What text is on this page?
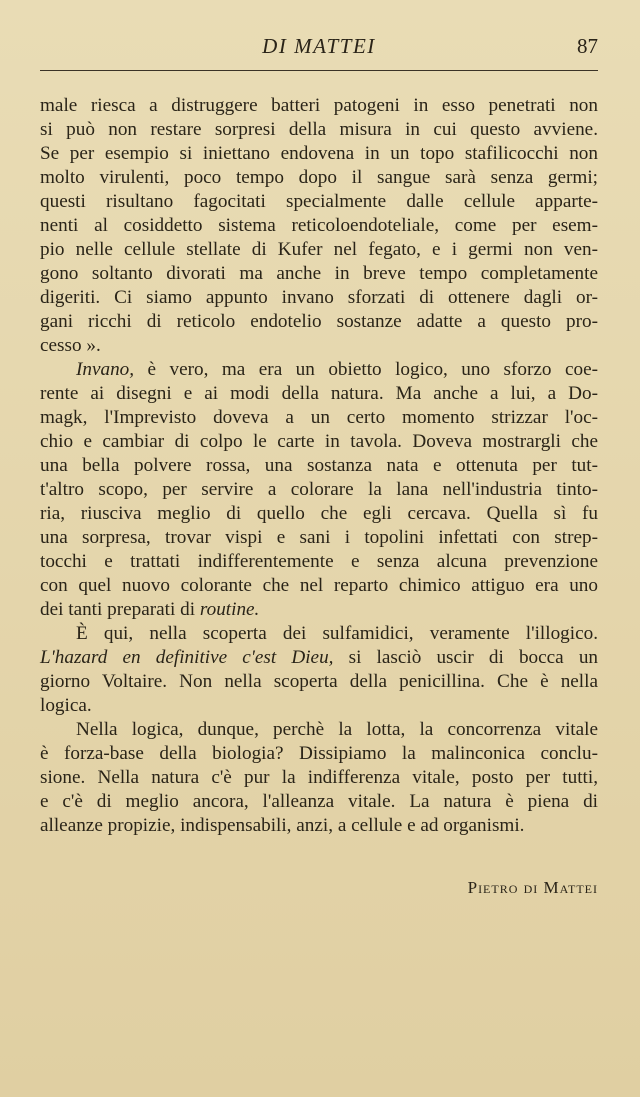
DI MATTEI	87
male riesca a distruggere batteri patogeni in esso penetrati non
si può non restare sorpresi della misura in cui questo avviene.
Se per esempio si iniettano endovena in un topo stafilicocchi non
molto virulenti, poco tempo dopo il sangue sarà senza germi;
questi risultano fagocitati specialmente dalle cellule apparte-
nenti al cosiddetto sistema reticoloendoteliale, come per esem-
pio nelle cellule stellate di Kufer nel fegato, e i germi non ven-
gono soltanto divorati ma anche in breve tempo completamente
digeriti. Ci siamo appunto invano sforzati di ottenere dagli or-
gani ricchi di reticolo endotelio sostanze adatte a questo pro-
cesso ».
Invano, è vero, ma era un obietto logico, uno sforzo coe-
rente ai disegni e ai modi della natura. Ma anche a lui, a Do-
magk, l'Imprevisto doveva a un certo momento strizzar l'oc-
chio e cambiar di colpo le carte in tavola. Doveva mostrargli che
una bella polvere rossa, una sostanza nata e ottenuta per tut-
t'altro scopo, per servire a colorare la lana nell'industria tinto-
ria, riusciva meglio di quello che egli cercava. Quella sì fu
una sorpresa, trovar vispi e sani i topolini infettati con strep-
tocchi e trattati indifferentemente e senza alcuna prevenzione
con quel nuovo colorante che nel reparto chimico attiguo era uno
dei tanti preparati di routine.
È qui, nella scoperta dei sulfamidici, veramente l'illogico.
L'hazard en definitive c'est Dieu, si lasciò uscir di bocca un
giorno Voltaire. Non nella scoperta della penicillina. Che è nella
logica.
Nella logica, dunque, perchè la lotta, la concorrenza vitale
è forza-base della biologia? Dissipiamo la malinconica conclu-
sione. Nella natura c'è pur la indifferenza vitale, posto per tutti,
e c'è di meglio ancora, l'alleanza vitale. La natura è piena di
alleanze propizie, indispensabili, anzi, a cellule e ad organismi.
Pietro di Mattei
